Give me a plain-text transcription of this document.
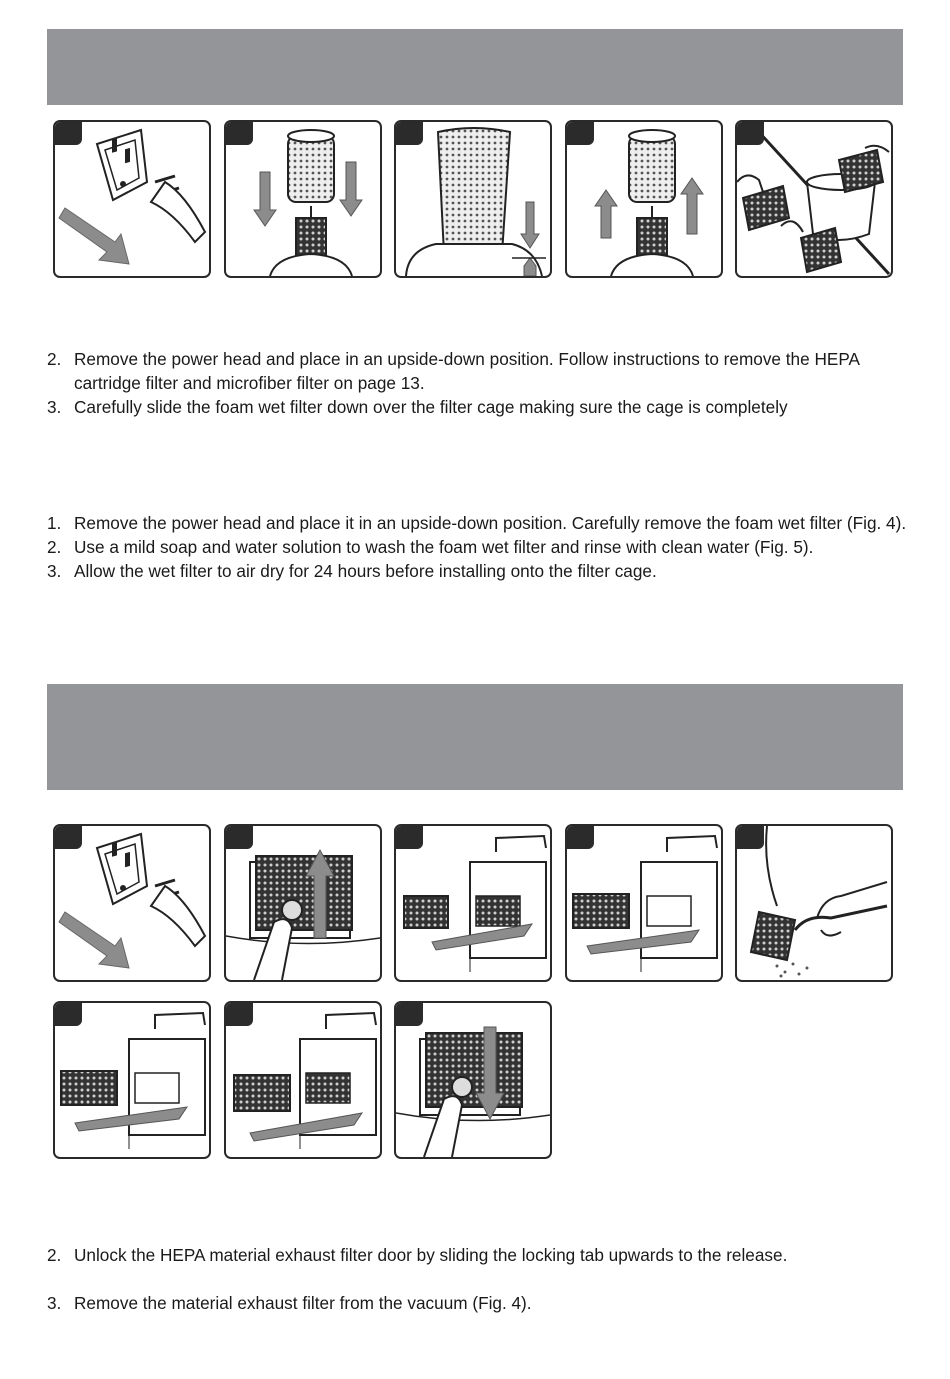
2. Remove the power head and place in an upside-down position. Follow instructions to remove the HEPA cartridge filter and microfiber filter on page 13.
3. Carefully slide the foam wet filter down over the filter cage making sure the cage is completely
1. Remove the power head and place it in an upside-down position. Carefully remove the foam wet filter (Fig. 4).
2. Use a mild soap and water solution to wash the foam wet filter and rinse with clean water (Fig. 5).
3. Allow the wet filter to air dry for 24 hours before installing onto the filter cage.
2. Unlock the HEPA material exhaust filter door by sliding the locking tab upwards to the release.
3. Remove the material exhaust filter from the vacuum (Fig. 4).
